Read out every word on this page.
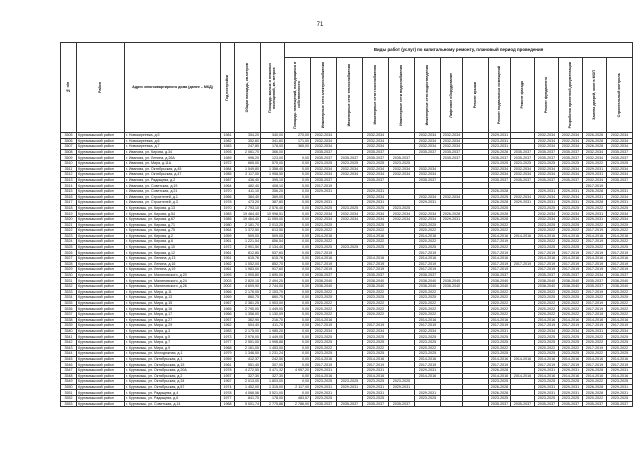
71
№ п/п	Район	Адрес многоквартирного дома (далее – МКД)	Год постройки	Общая площадь, кв.метров	Площадь жилых и нежилых помещений, кв. метров	Виды работ (услуг) по капитальному ремонту, плановый период проведения													

						Площадь помещений, находящихся в собственности	Инженерные сети электроснабжения	Инженерные сети теплоснабжения	Инженерные сети газоснабжения	Инженерные сети водоснабжения	Инженерные сети водоотведения	Лифтовое оборудование	Ремонт крыши	Ремонт подвальных помещений	Ремонт фасада	Ремонт фундамента	Разработка проектной документации	Замена дверей, окон в МОП	Строительный контроль

3505	Куртамышский район	г. Новокиреевка, д.5	1981	354,20	340,00	270,00	2032-2034		2032-2034		2032-2034	2032-2034		2029-2031		2032-2034	2032-2034	2026-2028	2032-2034
3506	Куртамышский район	г. Новокиреевка, д.6	1982	352,60	341,60	171,00	2032-2034		2032-2034		2032-2034	2032-2034		2023-2031		2032-2034	2032-2034	2026-2028	2032-2034
3507	Куртамышский район	г. Новокиреевка, д.7	1983	247,80	178,00	365,00	2032-2034		2032-2034		2032-2034	2032-2034		2023-2031		2032-2034	2032-2034	2026-2028	2032-2034
3508	Куртамышский район	г. Иванова, ул. Кирова, д.34	1993	2 061,70	366,00		2035-2037		2035-2037		2035-2037	2035-2037		2026-2028	2035-2037	2035-2037	2035-2037	2032-2034	2035-2037
3509	Куртамышский район	г. Иванова, ул. Ленина, д.26А	1989	996,20	123,00	0,00	2035-2037	2035-2037	2035-2037	2035-2037		2035-2037		2035-2037	2035-2037	2035-2037	2035-2037	2032-2034	2035-2037
3510	Куртамышский район	г. Иванова, ул. Мира, д.11А	1972	665,00	575,00	0,00	2023-2025	2023-2025	2023-2025	2023-2025				2023-2025	2023-2025	2023-2025	2023-2025	2020-2022	2023-2025
3511	Куртамышский район	г. Иванова, ул. Октябрьская, д.45	1984	1 549,80	1 358,40	0,00	2032-2034	2032-2034	2032-2034	2032-2034	2032-2034			2032-2034	2032-2034	2032-2034	2032-2034	2029-2031	2032-2034
3512	Куртамышский район	г. Иванова, ул. Октябрьская, д.47	1985	2 117,00	1 958,50	0,00	2032-2034	2032-2034	2032-2034	2032-2034	2032-2034			2032-2034	2032-2034	2032-2034	2032-2034	2029-2031	2032-2034
3513	Куртамышский район	г. Иванова, ул. Радищева, д.2	1987	436,40	395,10	0,00	2035-2037		2035-2037		2035-2037			2035-2037	2035-2037	2035-2037	2035-2037	2032-2034	2035-2037
3514	Куртамышский район	г. Иванова, ул. Советская, д.19	1964	482,40	408,10	0,00	2017-2019											2017-2019	
3515	Куртамышский район	г. Иванова, ул. Советская, д.21	1970	411,10	356,20	0,00	2029-2031		2029-2031					2026-2028		2029-2031	2029-2031	2026-2028	2029-2031
3516	Куртамышский район	г. Иванова, ул. Строителей, д.1	1966	384,40	369,00	0,00			2032-2034		2032-2034	2032-2034		2023-2025	2032-2034	2032-2034	2032-2034	2029-2031	2032-2034
3517	Куртамышский район	г. Иванова, ул. Строителей, д.3	1978	473,20	387,80	0,00	2029-2031		2029-2031		2029-2031			2026-2028	2029-2031	2029-2031	2029-2031	2026-2028	2029-2031
3518	Куртамышский район	г. Куртамыш, ул. Кирова, д.13	1970	2 793,10	2 576,40	0,00	2023-2025	2023-2025	2023-2025	2023-2025				2023-2025		2023-2025	2023-2025	2020-2022	2023-2025
3519	Куртамышский район	г. Куртамыш, ул. Кирова, д.54	1983	19 464,40	10 998,51	0,00	2032-2034	2032-2034	2032-2034	2032-2034	2032-2034	2026-2028		2026-2028		2032-2034	2032-2034	2029-2031	2032-2034
3520	Куртамышский район	г. Куртамыш, ул. Кирова, д.67	1985	19 464,40	11 059,00	0,00	2032-2034	2032-2034	2032-2034	2032-2034	2032-2034	2029-2031		2026-2028		2032-2034	2032-2034	2029-2031	2032-2034
3521	Куртамышский район	г. Куртамыш, ул. Кирова, д.71	1980	2 181,70	2 013,20	0,00	2023-2025		2023-2025		2023-2025			2020-2022		2023-2025	2023-2025	2020-2022	2023-2025
3522	Куртамышский район	г. Куртамыш, ул. Кирова, д.75	1964	1 372,50	613,50	0,00	2020-2022		2020-2022		2020-2022			2020-2022		2020-2022	2020-2022	2017-2019	2020-2022
3523	Куртамышский район	г. Куртамыш, ул. Кирова, д.2	1959	509,00	509,00	0,00	2014-2016		2014-2016		2014-2016			2014-2016	2014-2016	2014-2016	2014-2016	2014-2016	2014-2016
3524	Куртамышский район	г. Куртамыш, ул. Кирова, д.6	1961	1 221,54	856,54	0,00	2020-2022		2020-2022		2020-2022			2017-2019		2020-2022	2020-2022	2017-2019	2020-2022
3525	Куртамышский район	г. Куртамыш, ул. Кирова, д.10	1972	2 901,50	2 134,40	0,00	2023-2025	2023-2025	2023-2025		2023-2025			2020-2022		2023-2025	2023-2025	2020-2022	2023-2025
3526	Куртамышский район	г. Куртамыш, ул. Кирова, д.12	1961	812,80	537,60	0,00	2017-2019				2017-2019			2017-2019		2017-2019	2017-2019	2017-2019	2017-2019
3527	Куртамышский район	г. Куртамыш, ул. Ленина, д.13	1951	615,76	615,76	0,00	2014-2016		2014-2016		2014-2016			2014-2016		2014-2016	2014-2016	2014-2016	2014-2016
3528	Куртамышский район	г. Куртамыш, ул. Ленина, д.16	1962	1 052,00	852,70	0,00	2017-2019		2017-2019		2017-2019			2017-2019	2017-2019	2017-2019	2017-2019	2017-2019	2017-2019
3529	Куртамышский район	г. Куртамыш, ул. Ленина, д.19	1961	1 983,00	917,60	0,00	2017-2019		2017-2019		2017-2019			2017-2019		2017-2019	2017-2019	2017-2019	2017-2019
3530	Куртамышский район	г. Куртамыш, ул. Малиновского, д.20	1993	1 905,80	1 690,00	0,00	2035-2037		2035-2037		2035-2037			2035-2037		2035-2037	2035-2037	2032-2034	2035-2037
3531	Куртамышский район	г. Куртамыш, ул. Малиновского, д.24	2003	2 820,10	2 494,20	0,00	2038-2040		2038-2040		2038-2040	2038-2040		2038-2040		2038-2040	2038-2040	2035-2037	2038-2040
3532	Куртамышский район	г. Куртамыш, ул. Малиновского, д.26	2002	4 609,90	2 744,00	0,00	2038-2040		2038-2040		2038-2040	2038-2040		2038-2040		2038-2040	2038-2040	2035-2037	2038-2040
3533	Куртамышский район	г. Куртамыш, ул. Мира, д.11	1966	2 176,00	2 153,70	0,00	2020-2022		2020-2022		2020-2022			2020-2022		2020-2022	2020-2022	2017-2019	2020-2022
3534	Куртамышский район	г. Куртамыш, ул. Мира, д.13	1969	860,75	860,75	0,00	2023-2025		2023-2025		2023-2025			2020-2022		2023-2025	2023-2025	2020-2022	2023-2025
3535	Куртамышский район	г. Куртамыш, ул. Мира, д.15	1967	2 381,25	1 903,00	0,00	2020-2022		2020-2022		2020-2022			2020-2022		2020-2022	2020-2022	2017-2019	2020-2022
3536	Куртамышский район	г. Куртамыш, ул. Мира, д.16	1965	2 790,00	1 449,00	0,00	2020-2022		2020-2022		2020-2022			2020-2022		2020-2022	2020-2022	2017-2019	2020-2022
3537	Куртамышский район	г. Куртамыш, ул. Мира, д.17	1966	1 356,00	1 130,00	0,00	2020-2022		2020-2022		2020-2022			2020-2022		2020-2022	2020-2022	2017-2019	2020-2022
3538	Куртамышский район	г. Куртамыш, ул. Мира, д.27	1957	362,90	216,70	0,00	2014-2016				2014-2016			2014-2016		2014-2016	2014-2016	2014-2016	2014-2016
3539	Куртамышский район	г. Куртамыш, ул. Мира, д.29	1962	504,40	411,70	0,00	2017-2019		2017-2019		2017-2019			2017-2019		2017-2019	2017-2019	2017-2019	2017-2019
3540	Куртамышский район	г. Куртамыш, ул. Мира, д.3	1983	2 175,00	1 985,20	0,00	2032-2034		2032-2034		2032-2034			2029-2031		2032-2034	2032-2034	2029-2031	2032-2034
3541	Куртамышский район	г. Куртамыш, ул. Мира, д.5	1973	2 976,00	1 449,00	0,00	2023-2025		2023-2025		2023-2025			2023-2025		2023-2025	2023-2025	2020-2022	2023-2025
3542	Куртамышский район	г. Куртамыш, ул. Мира, д.7	1977	2 551,00	1 998,88	0,00	2023-2025		2023-2025		2023-2025			2023-2025		2023-2025	2023-2025	2020-2022	2023-2025
3543	Куртамышский район	г. Куртамыш, ул. Мира, д.9	1968	2 161,00	1 453,00	0,00	2020-2022		2020-2022		2020-2022			2020-2022		2020-2022	2020-2022	2017-2019	2020-2022
3544	Куртамышский район	г. Куртамыш, ул. Молодежная, д.1	1979	1 346,00	1 231,24	0,00	2023-2025		2023-2025		2023-2025			2023-2025		2023-2025	2023-2025	2020-2022	2023-2025
3545	Куртамышский район	г. Куртамыш, ул. Октябрьская, д.1	1959	412,37	242,50	0,00	2014-2016		2014-2016		2014-2016			2014-2016	2014-2016	2014-2016	2014-2016	2014-2016	2014-2016
3546	Куртамышский район	г. Куртамыш, ул. Октябрьская, д.15	1961	551,40	307,00	0,00	2017-2019		2017-2019		2017-2019			2017-2019		2017-2019	2017-2019	2017-2019	2017-2019
3547	Куртамышский район	г. Куртамыш, ул. Октябрьская, д.20А	1978	4 272,55	3 471,32	4 997,20	2029-2031		2029-2031		2029-2031			2026-2028		2029-2031	2029-2031	2026-2028	2029-2031
3548	Куртамышский район	г. Куртамыш, ул. Октябрьская, д.2	1957	327,30	327,30	0,00	2014-2016		2014-2016		2014-2016			2014-2016	2014-2016	2014-2016	2014-2016	2014-2016	2014-2016
3549	Куртамышский район	г. Куртамыш, ул. Октябрьская, д.34	1967	2 013,00	1 803,00	0,00	2023-2025	2023-2025	2023-2025	2023-2025				2023-2025		2023-2025	2023-2025	2020-2022	2023-2025
3550	Куртамышский район	г. Куртамыш, ул. Октябрьская, д.57	1974	1 452,00	1 315,00	2 117,00	2029-2031	2029-2031	2029-2031	2029-2031				2026-2028		2029-2031	2029-2031	2026-2028	2029-2031
3551	Куртамышский район	г. Куртамыш, ул. Радищева, д.4	1978	4 068,56	3 521,00	0,00	2029-2031		2029-2031		2029-2031			2026-2028		2029-2031	2029-2031	2026-2028	2029-2031
3552	Куртамышский район	г. Куртамыш, ул. Радищева, д.6	1977	841,70	178,00	483,57	2023-2025		2023-2025		2023-2025			2023-2025		2023-2025	2023-2025	2020-2022	2023-2025
3553	Куртамышский район	г. Куртамыш, ул. Советская, д.14	1968	5 001,74	2 775,86	2 786,00	2035-2037	2035-2037	2035-2037	2035-2037				2035-2037	2035-2037	2035-2037	2035-2037	2035-2037	2035-2037
